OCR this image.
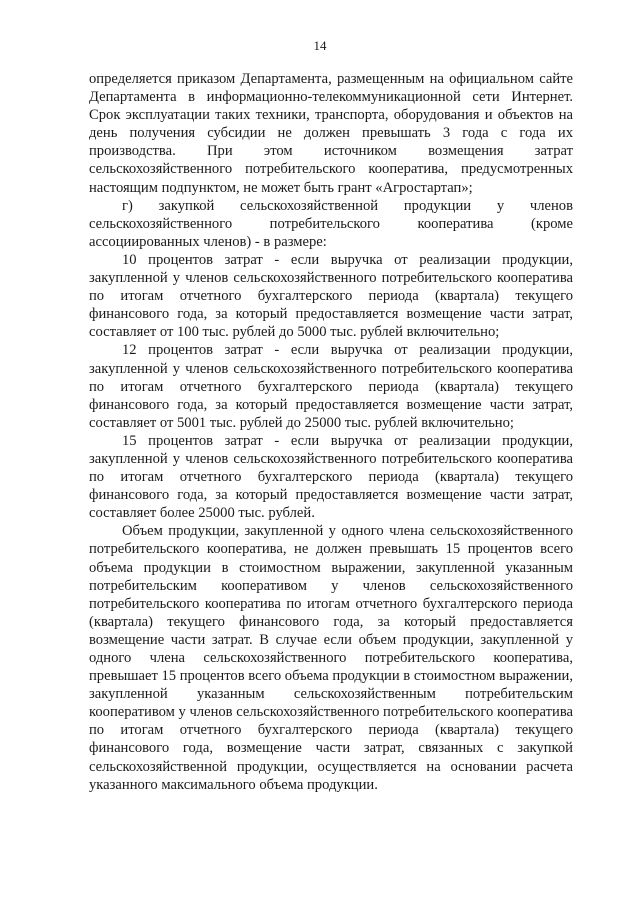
14

определяется приказом Департамента, размещенным на официальном сайте Департамента в информационно-телекоммуникационной сети Интернет. Срок эксплуатации таких техники, транспорта, оборудования и объектов на день получения субсидии не должен превышать 3 года с года их производства. При этом источником возмещения затрат сельскохозяйственного потребительского кооператива, предусмотренных настоящим подпунктом, не может быть грант «Агростартап»;

г) закупкой сельскохозяйственной продукции у членов сельскохозяйственного потребительского кооператива (кроме ассоциированных членов) - в размере:

10 процентов затрат - если выручка от реализации продукции, закупленной у членов сельскохозяйственного потребительского кооператива по итогам отчетного бухгалтерского периода (квартала) текущего финансового года, за который предоставляется возмещение части затрат, составляет от 100 тыс. рублей до 5000 тыс. рублей включительно;

12 процентов затрат - если выручка от реализации продукции, закупленной у членов сельскохозяйственного потребительского кооператива по итогам отчетного бухгалтерского периода (квартала) текущего финансового года, за который предоставляется возмещение части затрат, составляет от 5001 тыс. рублей до 25000 тыс. рублей включительно;

15 процентов затрат - если выручка от реализации продукции, закупленной у членов сельскохозяйственного потребительского кооператива по итогам отчетного бухгалтерского периода (квартала) текущего финансового года, за который предоставляется возмещение части затрат, составляет более 25000 тыс. рублей.

Объем продукции, закупленной у одного члена сельскохозяйственного потребительского кооператива, не должен превышать 15 процентов всего объема продукции в стоимостном выражении, закупленной указанным потребительским кооперативом у членов сельскохозяйственного потребительского кооператива по итогам отчетного бухгалтерского периода (квартала) текущего финансового года, за который предоставляется возмещение части затрат. В случае если объем продукции, закупленной у одного члена сельскохозяйственного потребительского кооператива, превышает 15 процентов всего объема продукции в стоимостном выражении, закупленной указанным сельскохозяйственным потребительским кооперативом у членов сельскохозяйственного потребительского кооператива по итогам отчетного бухгалтерского периода (квартала) текущего финансового года, возмещение части затрат, связанных с закупкой сельскохозяйственной продукции, осуществляется на основании расчета указанного максимального объема продукции.
